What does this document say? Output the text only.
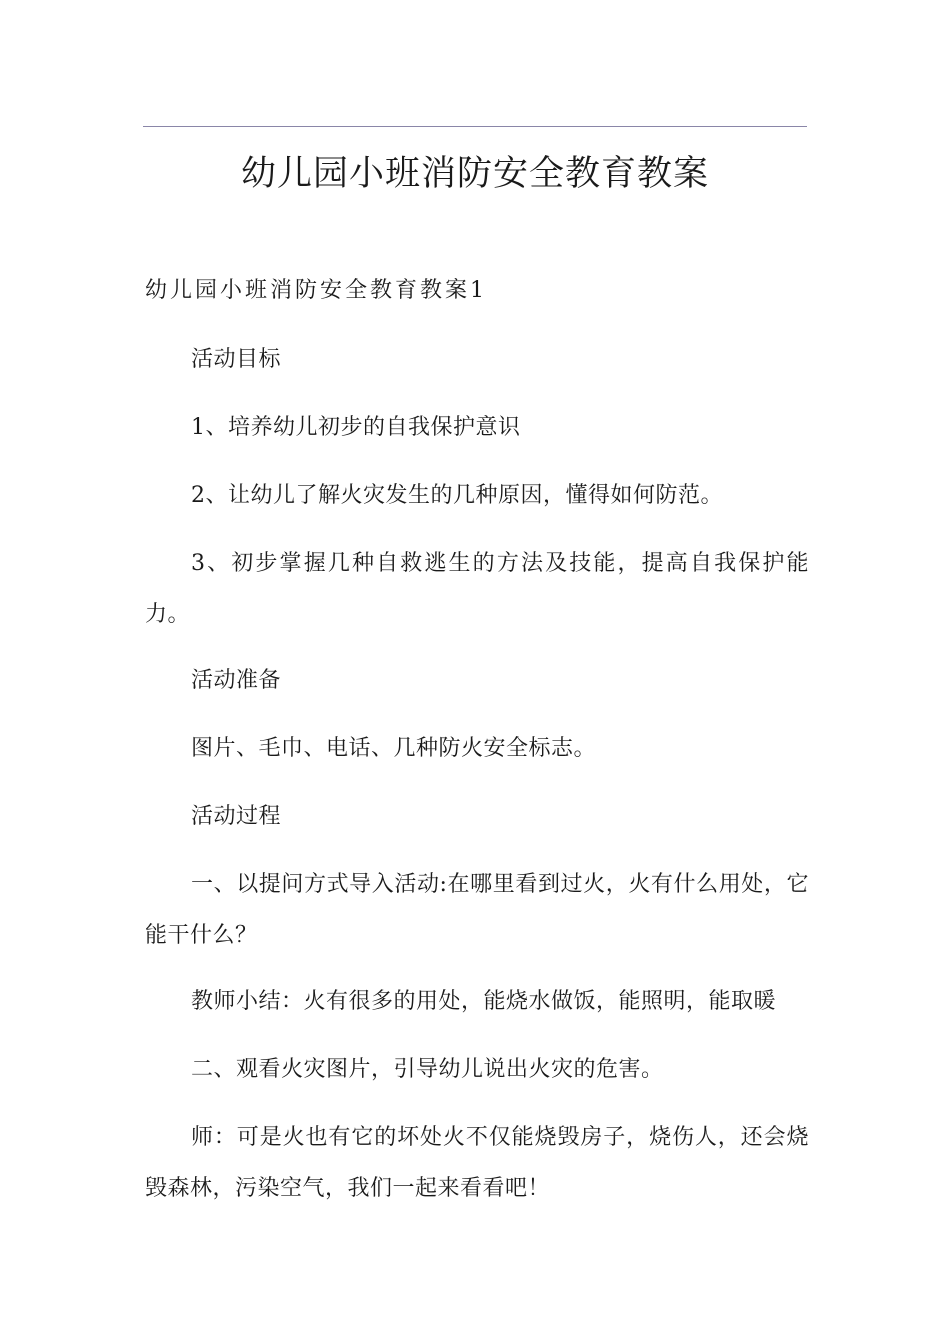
幼儿园小班消防安全教育教案
幼儿园小班消防安全教育教案1

活动目标

1、培养幼儿初步的自我保护意识

2、让幼儿了解火灾发生的几种原因，懂得如何防范。

3、初步掌握几种自救逃生的方法及技能，提高自我保护能力。

活动准备

图片、毛巾、电话、几种防火安全标志。

活动过程

一、以提问方式导入活动:在哪里看到过火，火有什么用处，它能干什么？

教师小结：火有很多的用处，能烧水做饭，能照明，能取暖

二、观看火灾图片，引导幼儿说出火灾的危害。

师：可是火也有它的坏处火不仅能烧毁房子，烧伤人，还会烧毁森林，污染空气，我们一起来看看吧！
